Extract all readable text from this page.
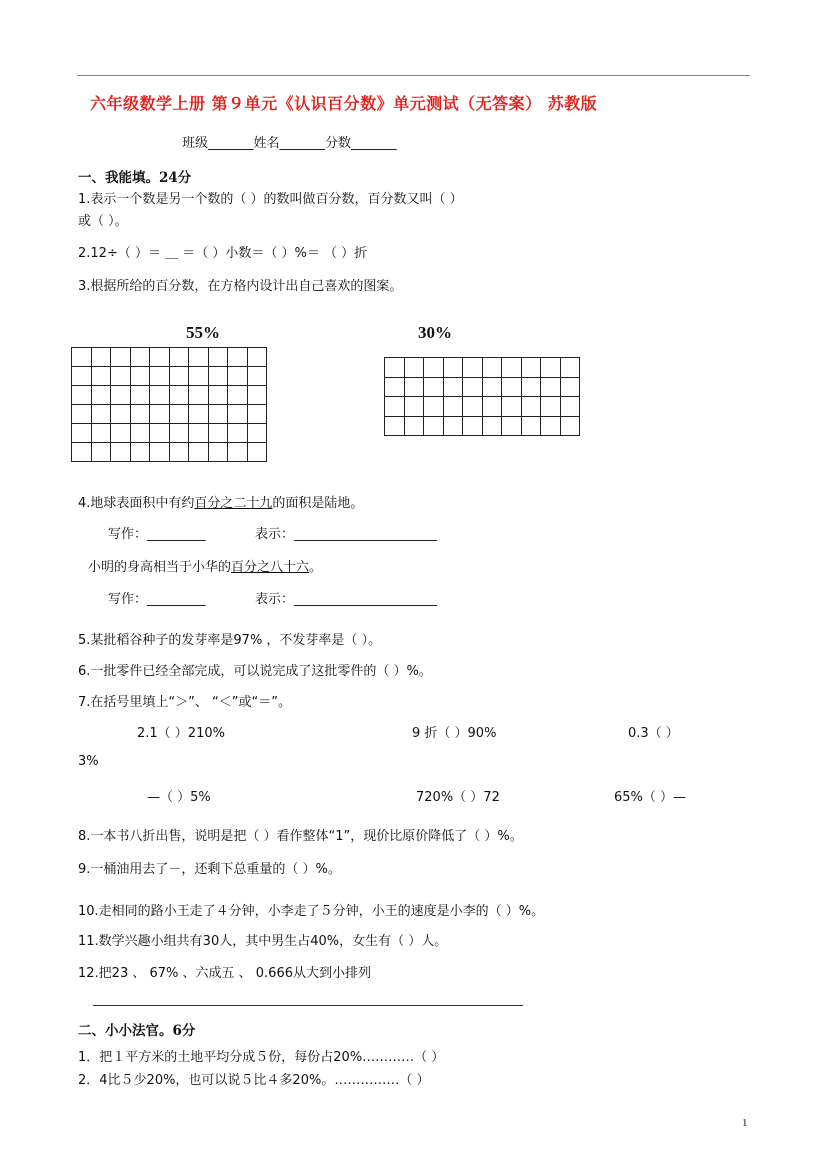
六年级数学上册 第９单元《认识百分数》单元测试（无答案） 苏教版
班级_______姓名_______分数_______
一、我能填。24分
1.表示一个数是另一个数的（ ）的数叫做百分数，百分数又叫（ ）
或（ ）。
2.12÷（ ）＝ ＿ ＝（ ）小数＝（ ）%＝ （ ）折
3.根据所给的百分数，在方格内设计出自己喜欢的图案。
55%	30%

4.地球表面积中有约百分之二十九的面积是陆地。
写作：_________	表示：______________________
小明的身高相当于小华的百分之八十六。
写作：_________	表示：______________________
5.某批稻谷种子的发芽率是97% ，不发芽率是（ ）。
6.一批零件已经全部完成，可以说完成了这批零件的（ ）%。
7.在括号里填上“＞”、 “＜”或“＝”。
2.1（ ）210%	9 折（ ）90%	0.3（ ）
3%
—（ ）5%	720%（ ）72	65%（ ）—
8.一本书八折出售，说明是把（ ）看作整体“1”，现价比原价降低了（ ）%。
9.一桶油用去了－，还剩下总重量的（ ）%。
10.走相同的路小王走了４分钟，小李走了５分钟，小王的速度是小李的（ ）%。
11.数学兴趣小组共有30人，其中男生占40%，女生有（ ）人。
12.把23 、 67% 、六成五 、 0.666从大到小排列
二、小小法官。6分
1．把１平方米的土地平均分成５份，每份占20%…………（ ）
2．4比５少20%，也可以说５比４多20%。……………（ ）
1
